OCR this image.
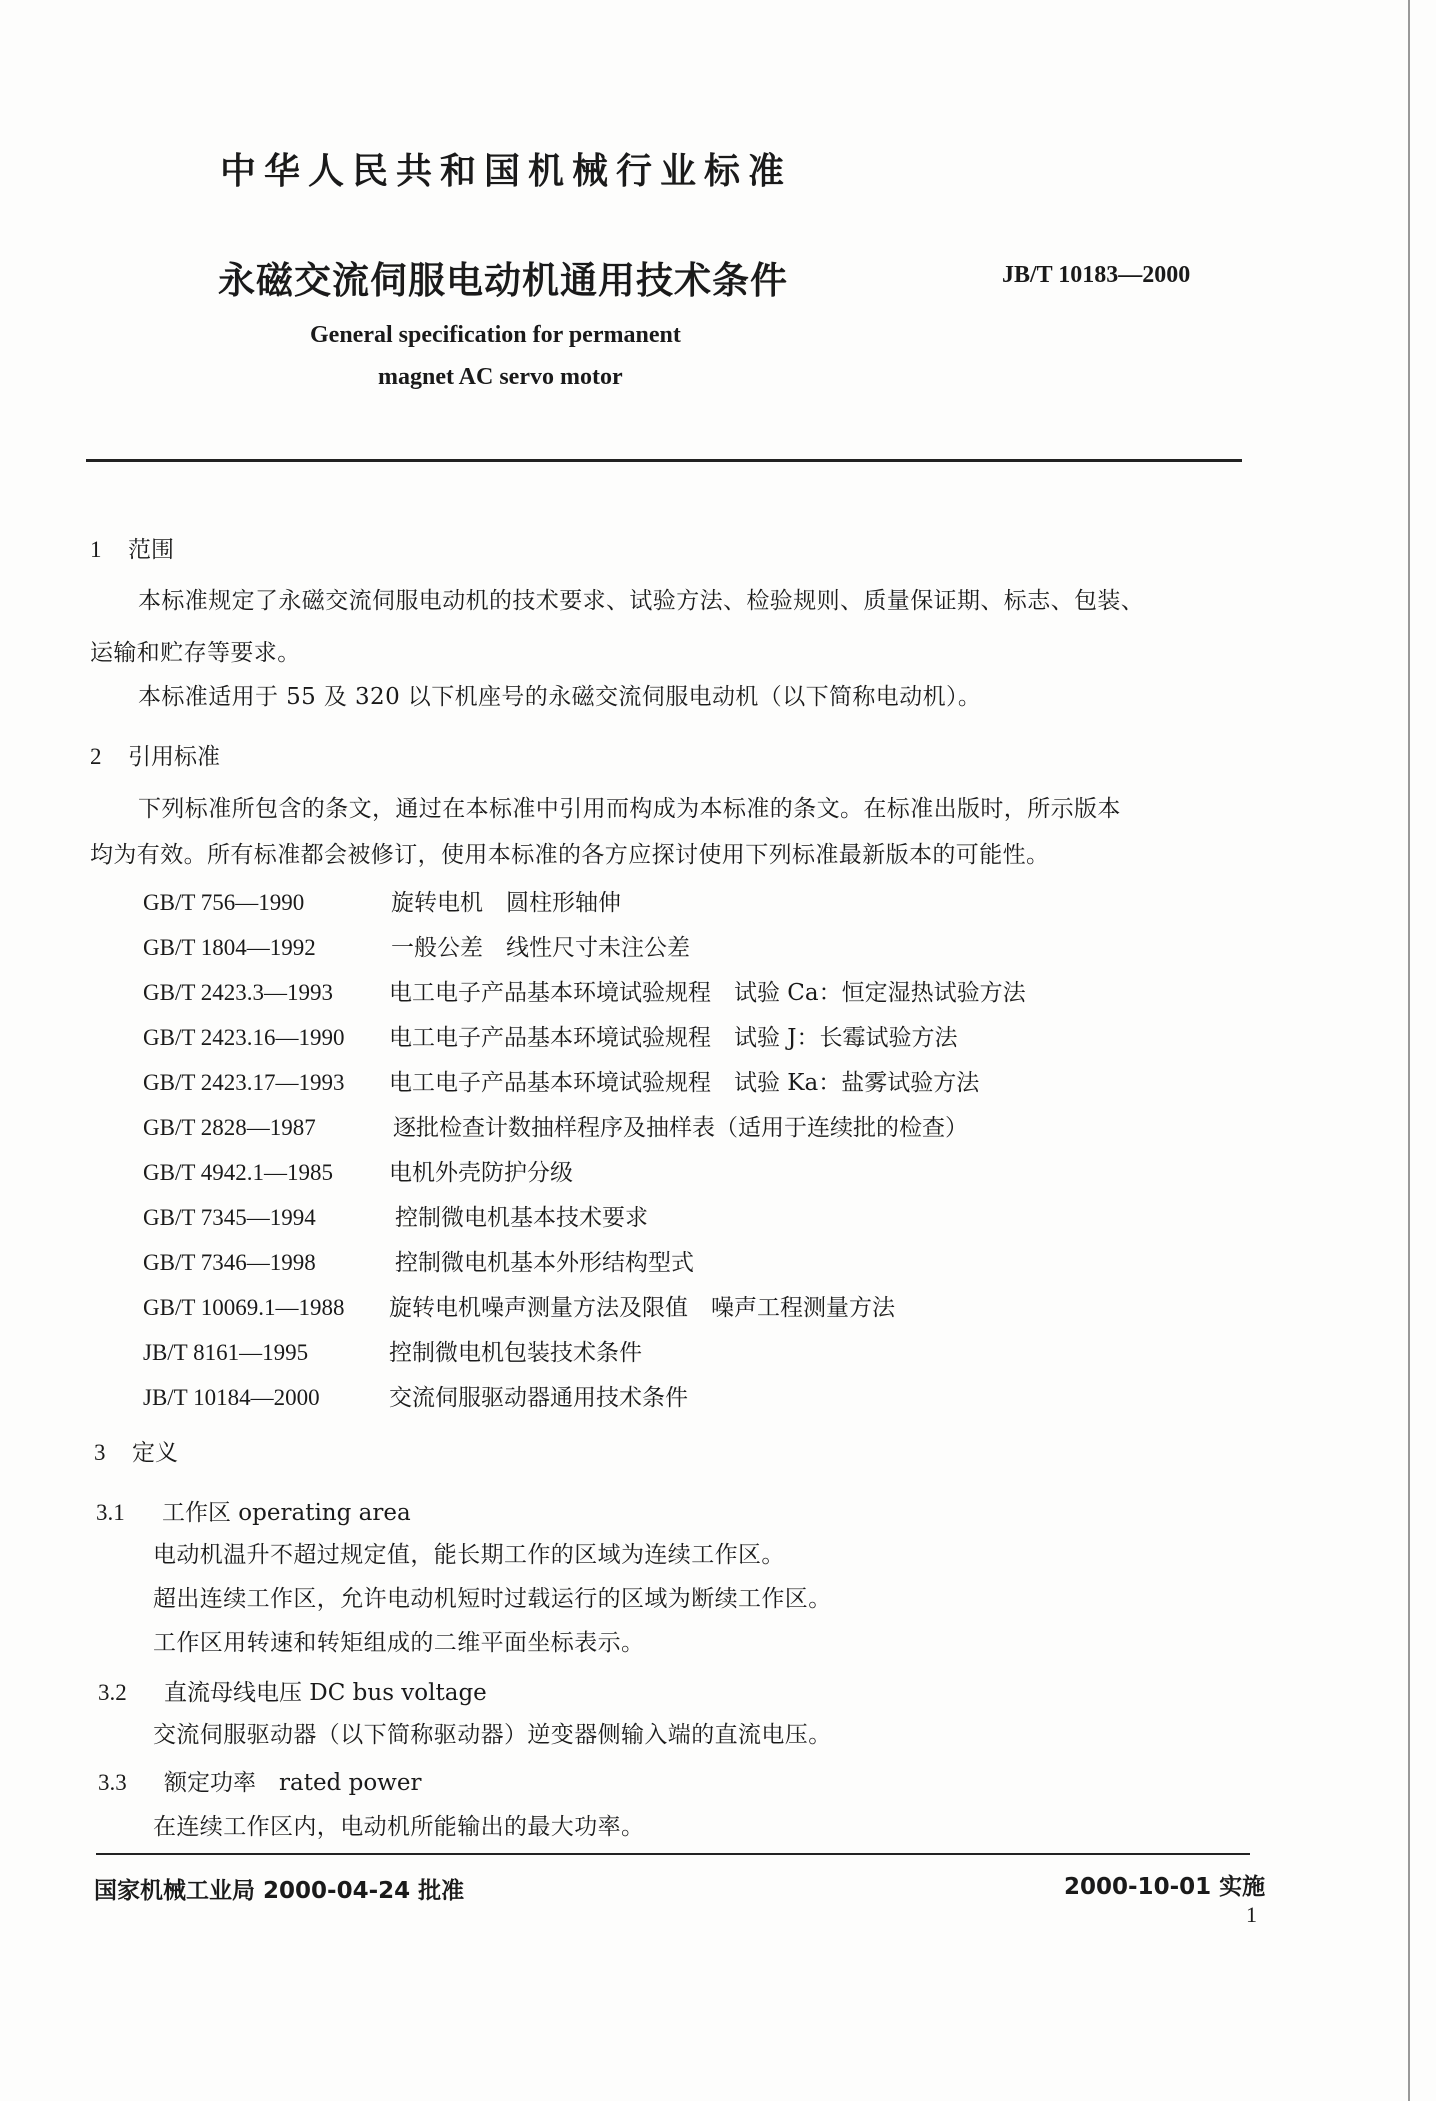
中华人民共和国机械行业标准
永磁交流伺服电动机通用技术条件	JB/T 10183—2000
General specification for permanent
magnet AC servo motor
1 范围
本标准规定了永磁交流伺服电动机的技术要求、试验方法、检验规则、质量保证期、标志、包装、
运输和贮存等要求。
本标准适用于 55 及 320 以下机座号的永磁交流伺服电动机（以下简称电动机）。
2 引用标准
下列标准所包含的条文，通过在本标准中引用而构成为本标准的条文。在标准出版时，所示版本
均为有效。所有标准都会被修订，使用本标准的各方应探讨使用下列标准最新版本的可能性。
GB/T 756—1990	旋转电机　圆柱形轴伸
GB/T 1804—1992	一般公差　线性尺寸未注公差
GB/T 2423.3—1993 电工电子产品基本环境试验规程　试验 Ca：恒定湿热试验方法
GB/T 2423.16—1990 电工电子产品基本环境试验规程　试验 J：长霉试验方法
GB/T 2423.17—1993 电工电子产品基本环境试验规程　试验 Ka：盐雾试验方法
GB/T 2828—1987	逐批检查计数抽样程序及抽样表（适用于连续批的检查）
GB/T 4942.1—1985 电机外壳防护分级
GB/T 7345—1994	控制微电机基本技术要求
GB/T 7346—1998	控制微电机基本外形结构型式
GB/T 10069.1—1988 旋转电机噪声测量方法及限值　噪声工程测量方法
JB/T 8161—1995	控制微电机包装技术条件
JB/T 10184—2000	交流伺服驱动器通用技术条件
3 定义
3.1 工作区 operating area
电动机温升不超过规定值，能长期工作的区域为连续工作区。
超出连续工作区，允许电动机短时过载运行的区域为断续工作区。
工作区用转速和转矩组成的二维平面坐标表示。
3.2 直流母线电压 DC bus voltage
交流伺服驱动器（以下简称驱动器）逆变器侧输入端的直流电压。
3.3 额定功率　rated power
在连续工作区内，电动机所能输出的最大功率。
国家机械工业局 2000-04-24 批准	2000-10-01 实施
1
